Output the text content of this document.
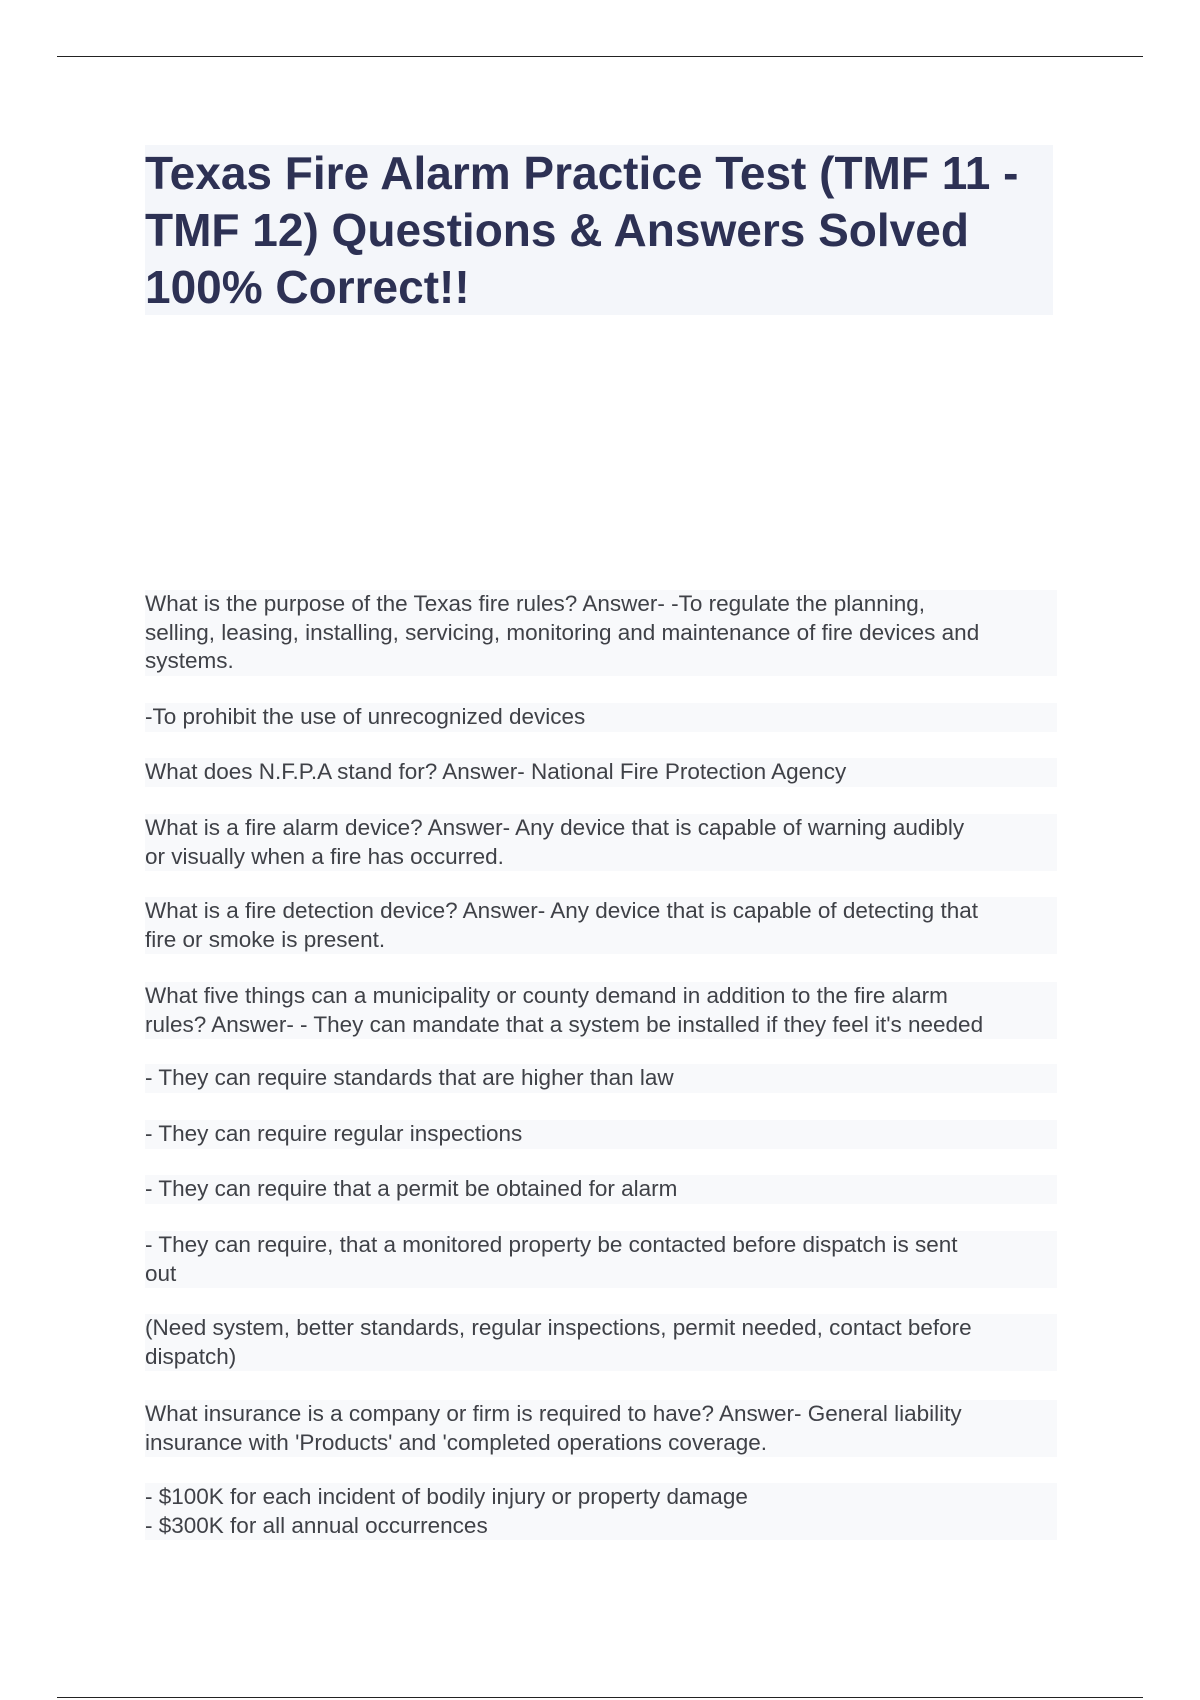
Texas Fire Alarm Practice Test (TMF 11 - TMF 12) Questions & Answers Solved 100% Correct!!

What is the purpose of the Texas fire rules? Answer- -To regulate the planning,
selling, leasing, installing, servicing, monitoring and maintenance of fire devices and
systems.

-To prohibit the use of unrecognized devices

What does N.F.P.A stand for? Answer- National Fire Protection Agency

What is a fire alarm device? Answer- Any device that is capable of warning audibly
or visually when a fire has occurred.

What is a fire detection device? Answer- Any device that is capable of detecting that
fire or smoke is present.

What five things can a municipality or county demand in addition to the fire alarm
rules? Answer- - They can mandate that a system be installed if they feel it's needed

- They can require standards that are higher than law

- They can require regular inspections

- They can require that a permit be obtained for alarm

- They can require, that a monitored property be contacted before dispatch is sent
out

(Need system, better standards, regular inspections, permit needed, contact before
dispatch)

What insurance is a company or firm is required to have? Answer- General liability
insurance with 'Products' and 'completed operations coverage.

- $100K for each incident of bodily injury or property damage
- $300K for all annual occurrences
